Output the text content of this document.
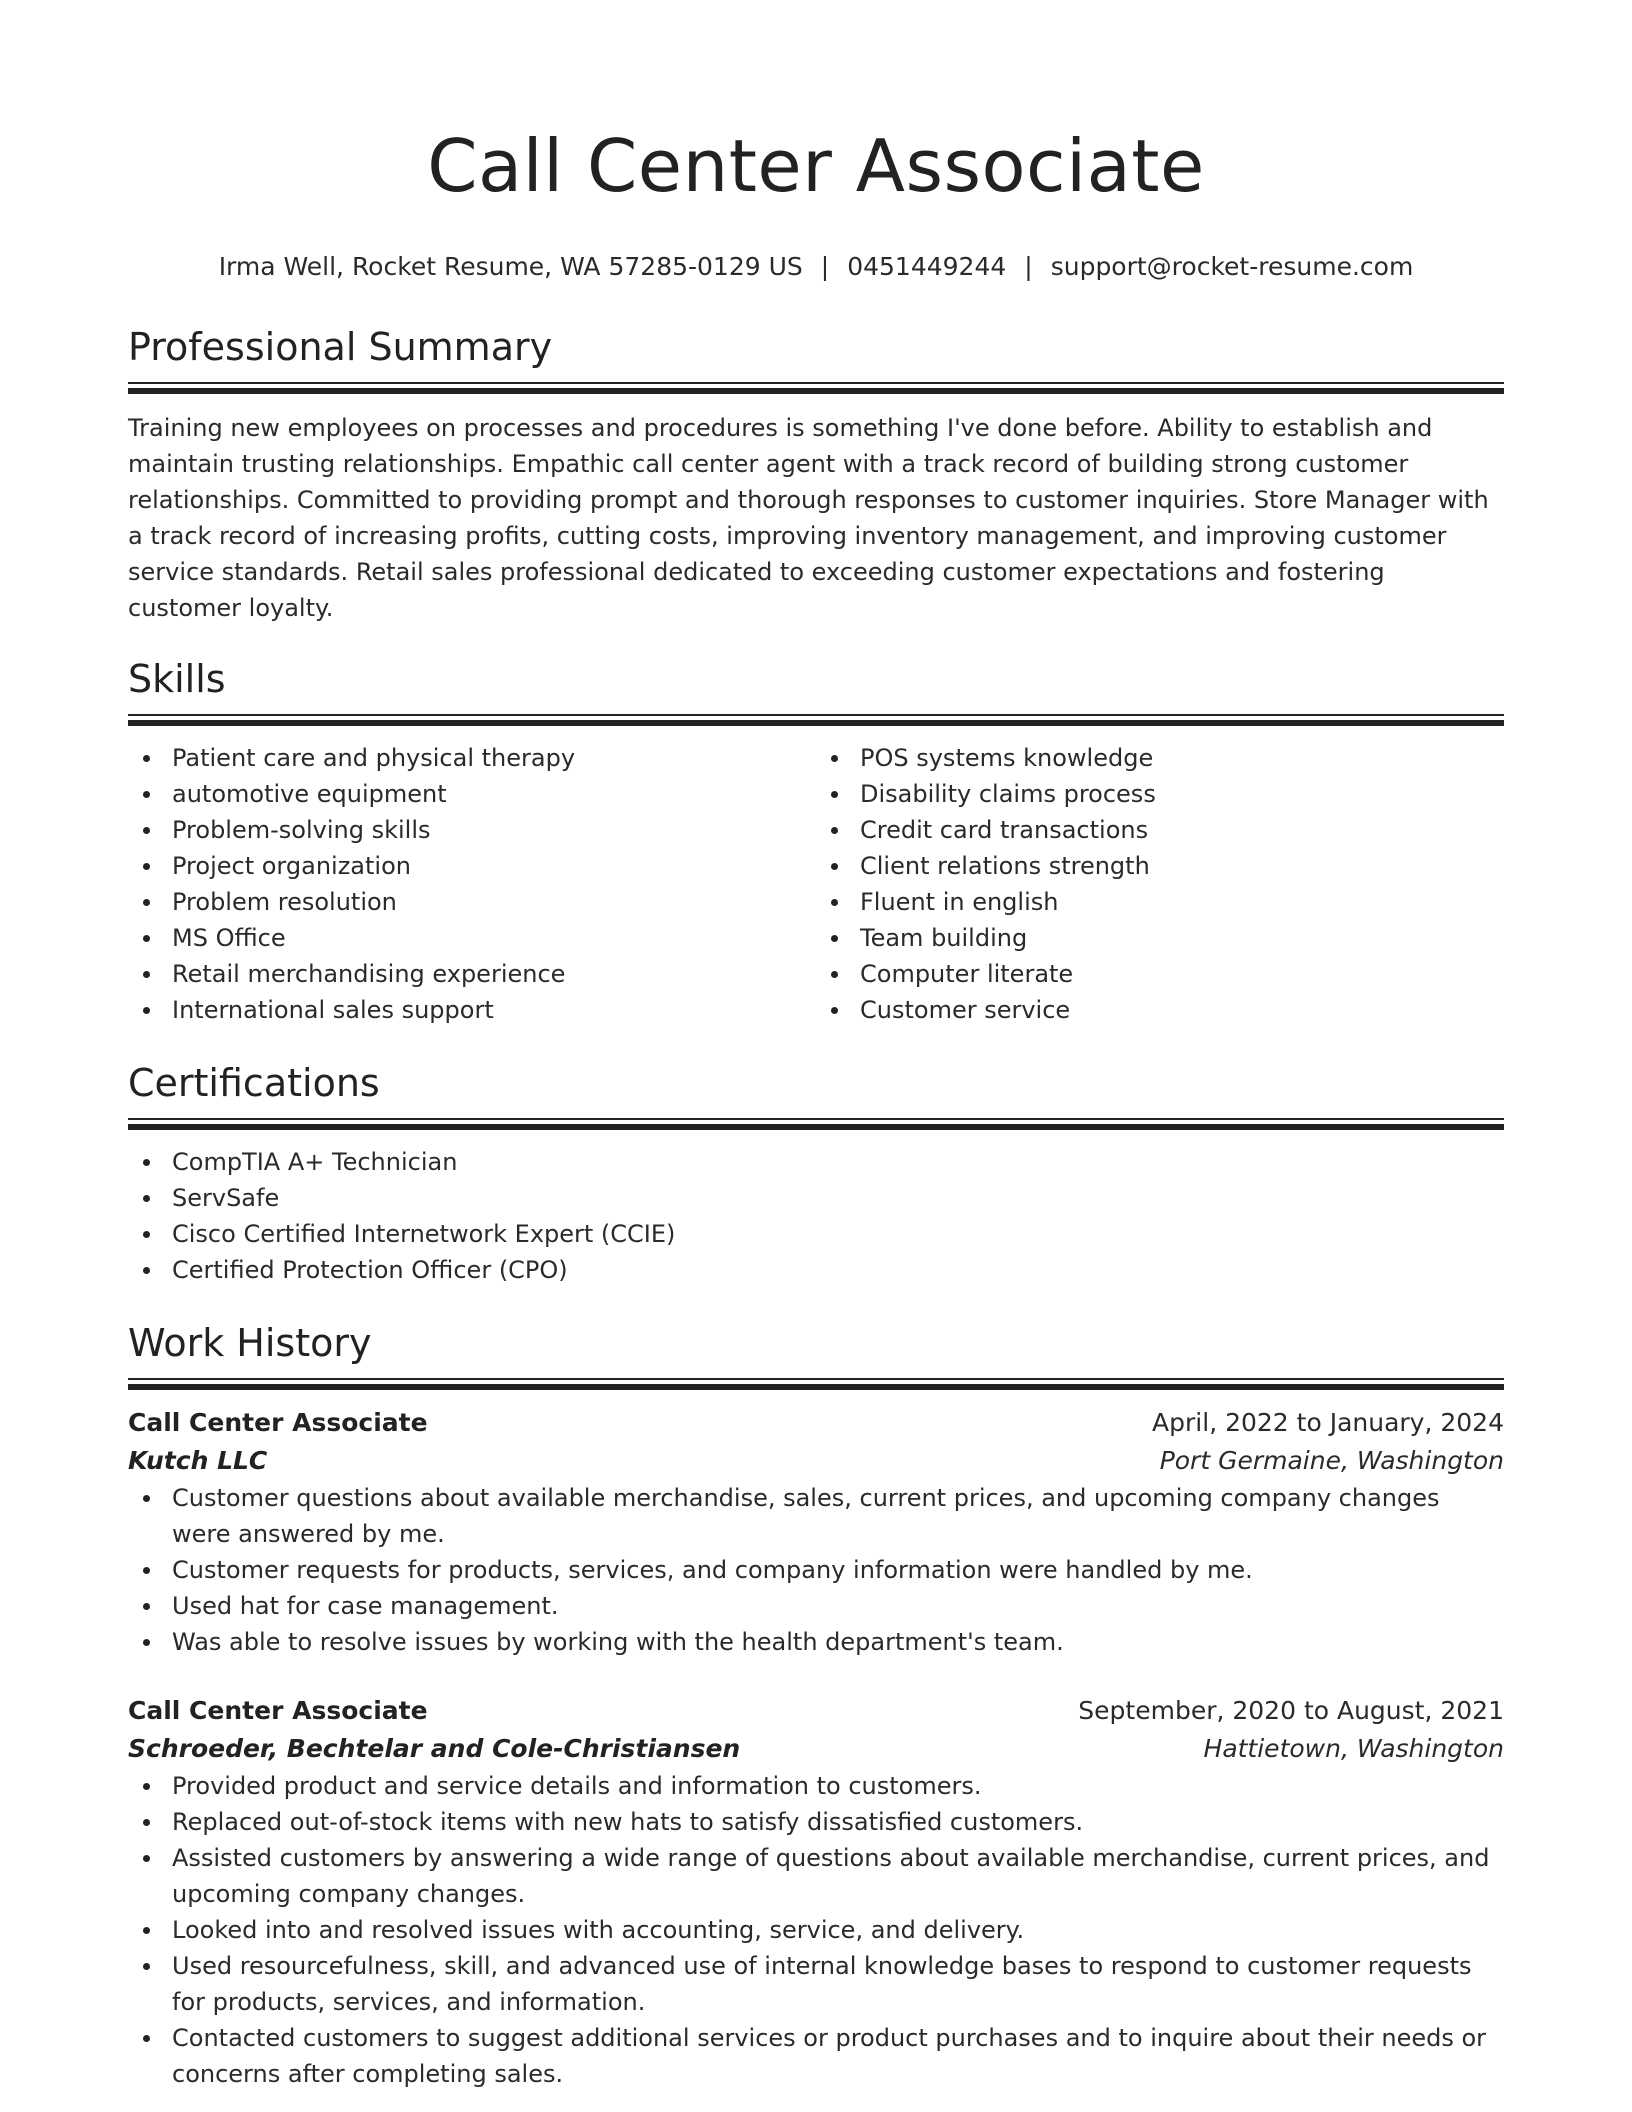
Call Center Associate
Irma Well, Rocket Resume, WA 57285-0129 US | 0451449244 | support@rocket-resume.com
Professional Summary

Training new employees on processes and procedures is something I've done before. Ability to establish and maintain trusting relationships. Empathic call center agent with a track record of building strong customer relationships. Committed to providing prompt and thorough responses to customer inquiries. Store Manager with a track record of increasing profits, cutting costs, improving inventory management, and improving customer service standards. Retail sales professional dedicated to exceeding customer expectations and fostering customer loyalty.

Skills
Patient care and physical therapy
automotive equipment
Problem-solving skills
Project organization
Problem resolution
MS Office
Retail merchandising experience
International sales support
POS systems knowledge
Disability claims process
Credit card transactions
Client relations strength
Fluent in english
Team building
Computer literate
Customer service
Certifications
CompTIA A+ Technician
ServSafe
Cisco Certified Internetwork Expert (CCIE)
Certified Protection Officer (CPO)
Work History
Call Center Associate	April, 2022 to January, 2024
Kutch LLC	Port Germaine, Washington
Customer questions about available merchandise, sales, current prices, and upcoming company changes were answered by me.
Customer requests for products, services, and company information were handled by me.
Used hat for case management.
Was able to resolve issues by working with the health department's team.
Call Center Associate	September, 2020 to August, 2021
Schroeder, Bechtelar and Cole-Christiansen	Hattietown, Washington
Provided product and service details and information to customers.
Replaced out-of-stock items with new hats to satisfy dissatisfied customers.
Assisted customers by answering a wide range of questions about available merchandise, current prices, and upcoming company changes.
Looked into and resolved issues with accounting, service, and delivery.
Used resourcefulness, skill, and advanced use of internal knowledge bases to respond to customer requests for products, services, and information.
Contacted customers to suggest additional services or product purchases and to inquire about their needs or concerns after completing sales.
